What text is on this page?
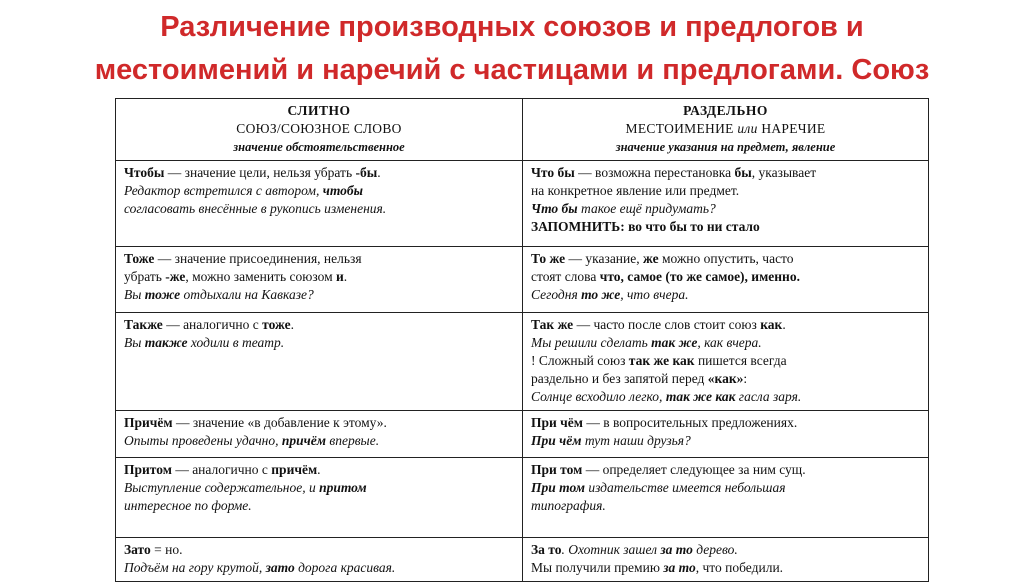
Различение производных союзов и предлогов и
местоимений и наречий с частицами и предлогами. Союз
СЛИТНО
СОЮЗ/СОЮЗНОЕ СЛОВО
значение обстоятельственное	РАЗДЕЛЬНО
МЕСТОИМЕНИЕ или НАРЕЧИЕ
значение указания на предмет, явление

Чтобы — значение цели, нельзя убрать -бы.
Редактор встретился с автором, чтобы
согласовать внесённые в рукопись изменения.	Что бы — возможна перестановка бы, указывает
на конкретное явление или предмет.
Что бы такое ещё придумать?
ЗАПОМНИТЬ: во что бы то ни стало

Тоже — значение присоединения, нельзя
убрать -же, можно заменить союзом и.
Вы тоже отдыхали на Кавказе?	То же — указание, же можно опустить, часто
стоят слова что, самое (то же самое), именно.
Сегодня то же, что вчера.

Также — аналогично с тоже.
Вы также ходили в театр.	Так же — часто после слов стоит союз как.
Мы решили сделать так же, как вчера.
! Сложный союз так же как пишется всегда
раздельно и без запятой перед «как»:
Солнце всходило легко, так же как гасла заря.

Причём — значение «в добавление к этому».
Опыты проведены удачно, причём впервые.	При чём — в вопросительных предложениях.
При чём тут наши друзья?

Притом — аналогично с причём.
Выступление содержательное, и притом
интересное по форме.	При том — определяет следующее за ним сущ.
При том издательстве имеется небольшая
типография.

Зато = но.
Подъём на гору крутой, зато дорога красивая.	За то. Охотник зашел за то дерево.
Мы получили премию за то, что победили.
